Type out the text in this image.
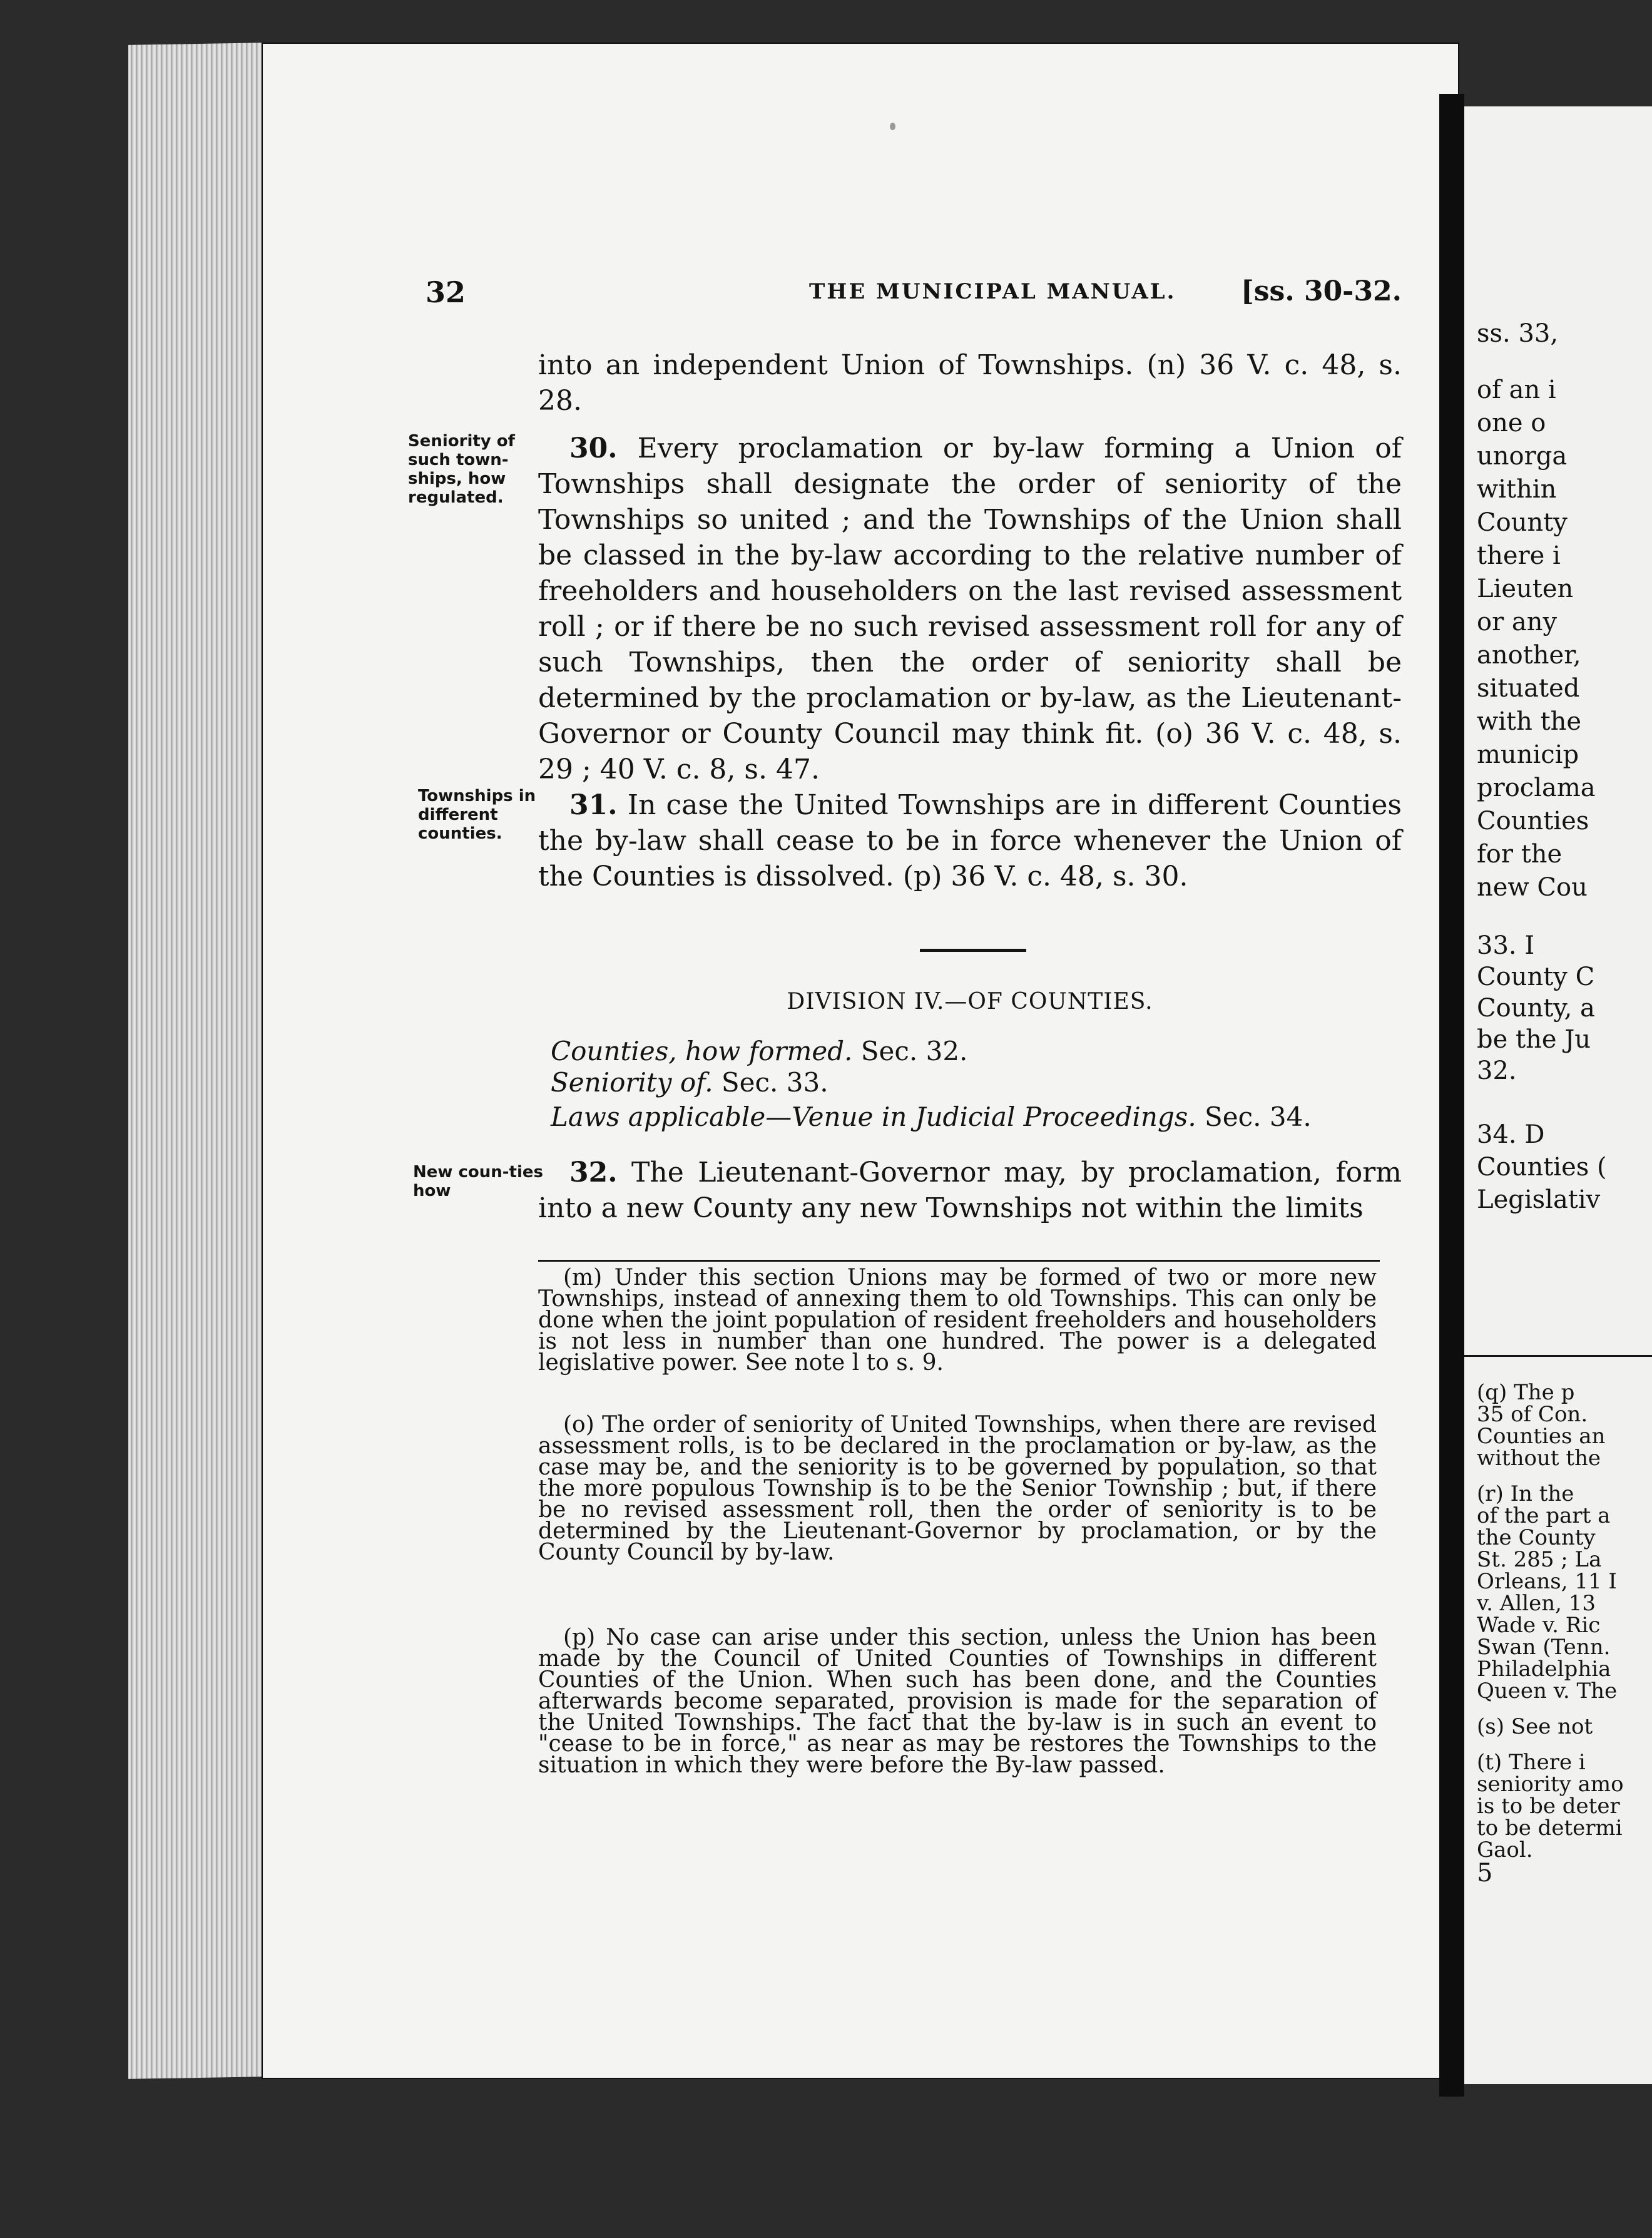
ss. 33,
of an i
one o
unorga
within
County
there i
Lieuten
or any
another,
situated
with the
municip
proclama
Counties
for the
new Cou
33. I
County C
County, a
be the Ju
32.
34. D
Counties (
Legislativ
(q) The p
35 of Con.
Counties an
without the
(r) In the
of the part a
the County
St. 285 ; La
Orleans, 11 I
v. Allen, 13
Wade v. Ric
Swan (Tenn.
Philadelphia
Queen v. The
(s) See not
(t) There i
seniority amo
is to be deter
to be determi
Gaol.
5
32	THE MUNICIPAL MANUAL. [ss. 30-32.
into an independent Union of Townships. (n) 36 V. c. 48, s. 28.
Seniority of such town-ships, how regulated.
30. Every proclamation or by-law forming a Union of Townships shall designate the order of seniority of the Townships so united ; and the Townships of the Union shall be classed in the by-law according to the relative number of freeholders and householders on the last revised assessment roll ; or if there be no such revised assessment roll for any of such Townships, then the order of seniority shall be determined by the proclamation or by-law, as the Lieutenant-Governor or County Council may think fit. (o) 36 V. c. 48, s. 29 ; 40 V. c. 8, s. 47.
Townships in different counties.
31. In case the United Townships are in different Counties the by-law shall cease to be in force whenever the Union of the Counties is dissolved. (p) 36 V. c. 48, s. 30.
DIVISION IV.—OF COUNTIES.
Counties, how formed. Sec. 32.
Seniority of. Sec. 33.
Laws applicable—Venue in Judicial Proceedings. Sec. 34.
New coun-ties how
32. The Lieutenant-Governor may, by proclamation, form into a new County any new Townships not within the limits
(m) Under this section Unions may be formed of two or more new Townships, instead of annexing them to old Townships. This can only be done when the joint population of resident freeholders and householders is not less in number than one hundred. The power is a delegated legislative power. See note l to s. 9.
(o) The order of seniority of United Townships, when there are revised assessment rolls, is to be declared in the proclamation or by-law, as the case may be, and the seniority is to be governed by population, so that the more populous Township is to be the Senior Township ; but, if there be no revised assessment roll, then the order of seniority is to be determined by the Lieutenant-Governor by proclamation, or by the County Council by by-law.
(p) No case can arise under this section, unless the Union has been made by the Council of United Counties of Townships in different Counties of the Union. When such has been done, and the Counties afterwards become separated, provision is made for the separation of the United Townships. The fact that the by-law is in such an event to "cease to be in force," as near as may be restores the Townships to the situation in which they were before the By-law passed.
